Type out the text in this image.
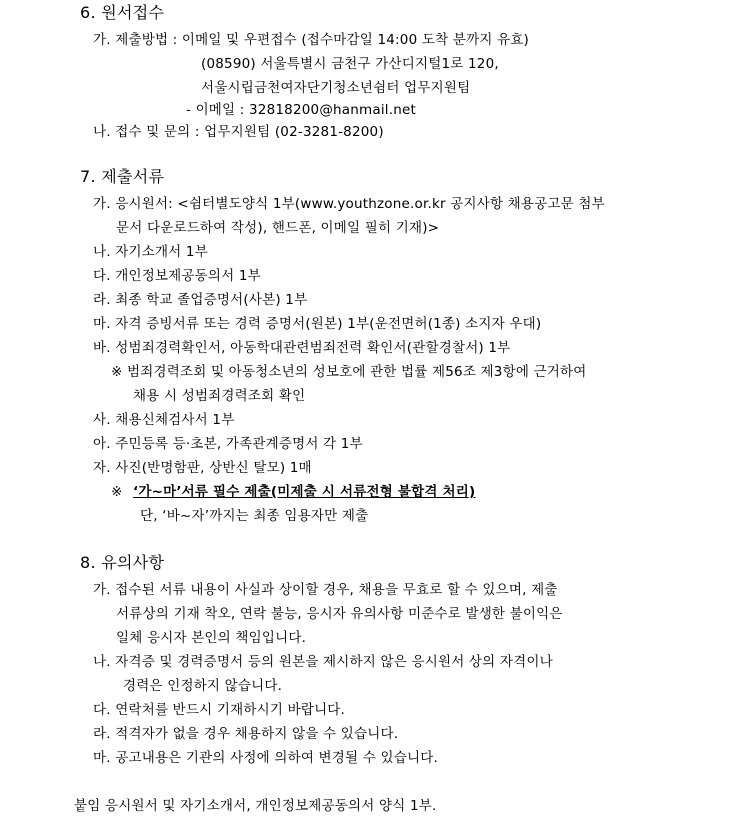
6. 원서접수
가. 제출방법 : 이메일 및 우편접수 (접수마감일 14:00 도착 분까지 유효)
(08590) 서울특별시 금천구 가산디지털1로 120,
서울시립금천여자단기청소년쉼터 업무지원팀
- 이메일 : 32818200@hanmail.net
나. 접수 및 문의 : 업무지원팀 (02-3281-8200)
7. 제출서류
가. 응시원서: <쉼터별도양식 1부(www.youthzone.or.kr 공지사항 채용공고문 첨부
문서 다운로드하여 작성), 핸드폰, 이메일 필히 기재)>
나. 자기소개서 1부
다. 개인정보제공동의서 1부
라. 최종 학교 졸업증명서(사본) 1부
마. 자격 증빙서류 또는 경력 증명서(원본) 1부(운전면허(1종) 소지자 우대)
바. 성범죄경력확인서, 아동학대관련범죄전력 확인서(관할경찰서) 1부
※ 범죄경력조회 및 아동청소년의 성보호에 관한 법률 제56조 제3항에 근거하여
채용 시 성범죄경력조회 확인
사. 채용신체검사서 1부
아. 주민등록 등·초본, 가족관계증명서 각 1부
자. 사진(반명함판, 상반신 탈모) 1매
※ ‘가~마’서류 필수 제출(미제출 시 서류전형 불합격 처리)
단, ‘바~자’까지는 최종 임용자만 제출
8. 유의사항
가. 접수된 서류 내용이 사실과 상이할 경우, 채용을 무효로 할 수 있으며, 제출
서류상의 기재 착오, 연락 불능, 응시자 유의사항 미준수로 발생한 불이익은
일체 응시자 본인의 책임입니다.
나. 자격증 및 경력증명서 등의 원본을 제시하지 않은 응시원서 상의 자격이나
경력은 인정하지 않습니다.
다. 연락처를 반드시 기재하시기 바랍니다.
라. 적격자가 없을 경우 채용하지 않을 수 있습니다.
마. 공고내용은 기관의 사정에 의하여 변경될 수 있습니다.
붙임 응시원서 및 자기소개서, 개인정보제공동의서 양식 1부.
